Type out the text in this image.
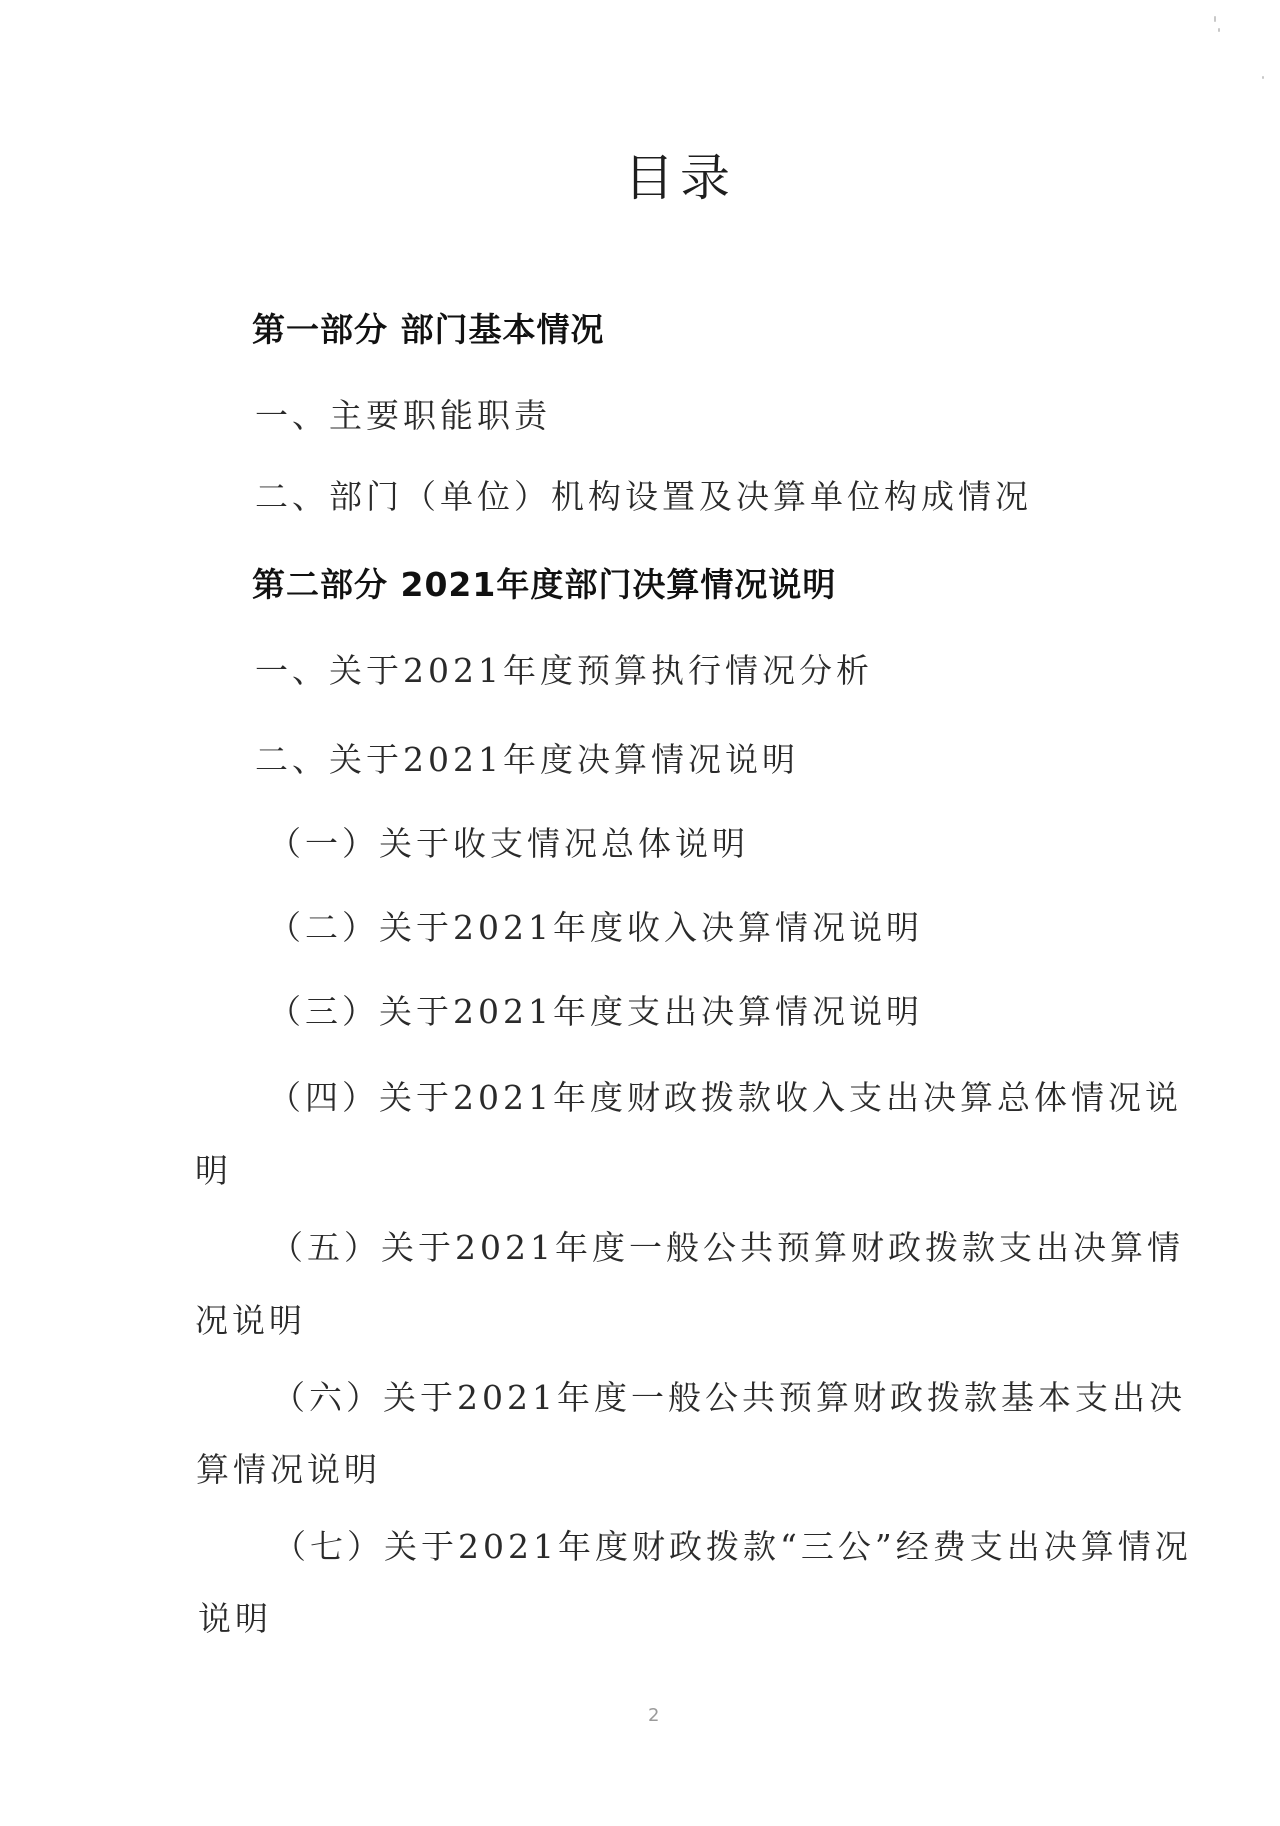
目录
第一部分 部门基本情况
一、主要职能职责
二、部门（单位）机构设置及决算单位构成情况
第二部分 2021年度部门决算情况说明
一、关于2021年度预算执行情况分析
二、关于2021年度决算情况说明
（一）关于收支情况总体说明
（二）关于2021年度收入决算情况说明
（三）关于2021年度支出决算情况说明
（四）关于2021年度财政拨款收入支出决算总体情况说
明
（五）关于2021年度一般公共预算财政拨款支出决算情
况说明
（六）关于2021年度一般公共预算财政拨款基本支出决
算情况说明
（七）关于2021年度财政拨款“三公”经费支出决算情况
说明
2
